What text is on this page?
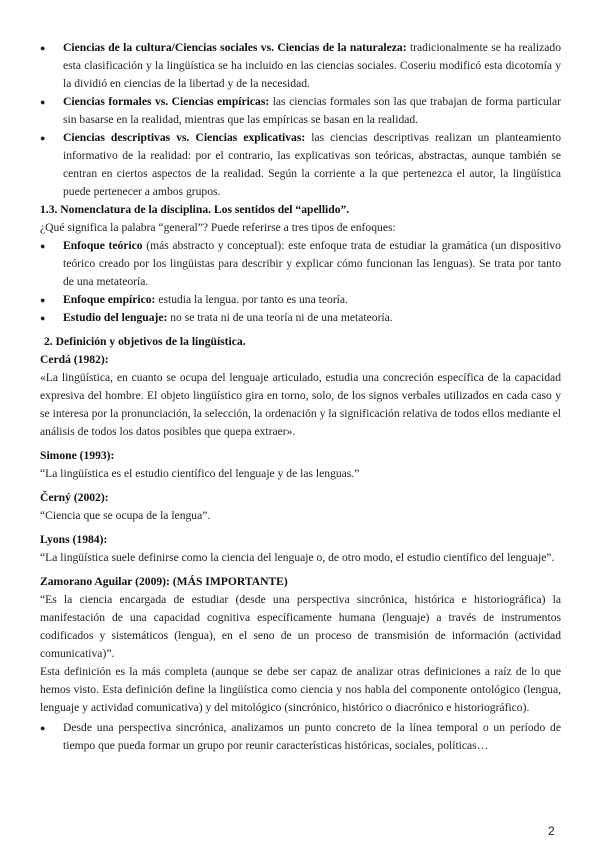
● Ciencias de la cultura/Ciencias sociales vs. Ciencias de la naturaleza: tradicionalmente se ha realizado esta clasificación y la lingüística se ha incluido en las ciencias sociales. Coseriu modificó esta dicotomía y la dividió en ciencias de la libertad y de la necesidad.
● Ciencias formales vs. Ciencias empíricas: las ciencias formales son las que trabajan de forma particular sin basarse en la realidad, mientras que las empíricas se basan en la realidad.
● Ciencias descriptivas vs. Ciencias explicativas: las ciencias descriptivas realizan un planteamiento informativo de la realidad: por el contrario, las explicativas son teóricas, abstractas, aunque también se centran en ciertos aspectos de la realidad. Según la corriente a la que pertenezca el autor, la lingüística puede pertenecer a ambos grupos.

1.3. Nomenclatura de la disciplina. Los sentidos del “apellido”.

¿Qué significa la palabra “general”? Puede referirse a tres tipos de enfoques:

● Enfoque teórico (más abstracto y conceptual): este enfoque trata de estudiar la gramática (un dispositivo teórico creado por los lingüistas para describir y explicar cómo funcionan las lenguas). Se trata por tanto de una metateoría.
● Enfoque empírico: estudia la lengua. por tanto es una teoría.
● Estudio del lenguaje: no se trata ni de una teoría ni de una metateoría.

2. Definición y objetivos de la lingüística.

Cerdá (1982):

«La lingüística, en cuanto se ocupa del lenguaje articulado, estudia una concreción específica de la capacidad expresiva del hombre. El objeto lingüístico gira en torno, solo, de los signos verbales utilizados en cada caso y se interesa por la pronunciación, la selección, la ordenación y la significación relativa de todos ellos mediante el análisis de todos los datos posibles que quepa extraer».

Simone (1993):

“La lingüística es el estudio científico del lenguaje y de las lenguas.”

Černý (2002):

“Ciencia que se ocupa de la lengua”.

Lyons (1984):

“La lingüística suele definirse como la ciencia del lenguaje o, de otro modo, el estudio científico del lenguaje”.

Zamorano Aguilar (2009): (MÁS IMPORTANTE)

“Es la ciencia encargada de estudiar (desde una perspectiva sincrónica, histórica e historiográfica) la manifestación de una capacidad cognitiva específicamente humana (lenguaje) a través de instrumentos codificados y sistemáticos (lengua), en el seno de un proceso de transmisión de información (actividad comunicativa)”.

Esta definición es la más completa (aunque se debe ser capaz de analizar otras definiciones a raíz de lo que hemos visto. Esta definición define la lingüística como ciencia y nos habla del componente ontológico (lengua, lenguaje y actividad comunicativa) y del mitológico (sincrónico, histórico o diacrónico e historiográfico).

● Desde una perspectiva sincrónica, analizamos un punto concreto de la línea temporal o un período de tiempo que pueda formar un grupo por reunir características históricas, sociales, políticas…
2
